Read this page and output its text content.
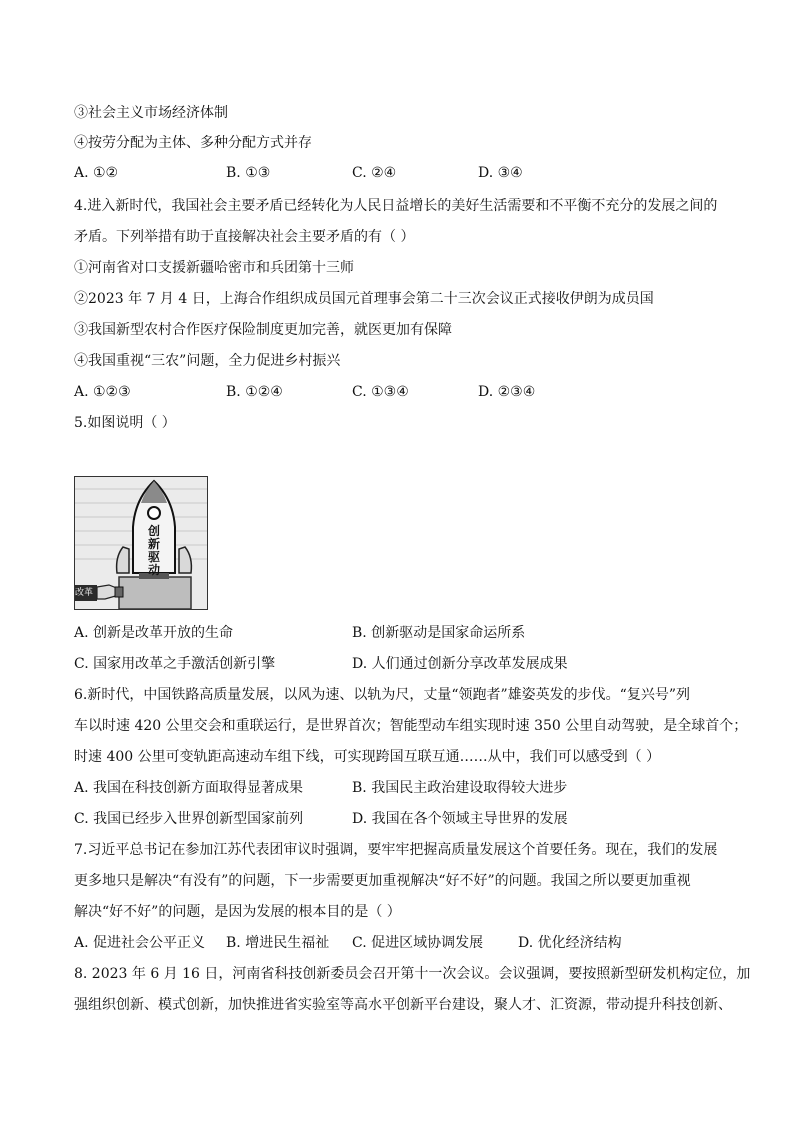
③社会主义市场经济体制
④按劳分配为主体、多种分配方式并存
A. ①②	B. ①③	C. ②④	D. ③④
4.进入新时代，我国社会主要矛盾已经转化为人民日益增长的美好生活需要和不平衡不充分的发展之间的
矛盾。下列举措有助于直接解决社会主要矛盾的有（ ）
①河南省对口支援新疆哈密市和兵团第十三师
②2023 年 7 月 4 日，上海合作组织成员国元首理事会第二十三次会议正式接收伊朗为成员国
③我国新型农村合作医疗保险制度更加完善，就医更加有保障
④我国重视“三农”问题，全力促进乡村振兴
A. ①②③	B. ①②④	C. ①③④	D. ②③④
5.如图说明（ ）
创新驱动
改革
A. 创新是改革开放的生命	B. 创新驱动是国家命运所系
C. 国家用改革之手激活创新引擎	D. 人们通过创新分享改革发展成果
6.新时代，中国铁路高质量发展，以风为速、以轨为尺，丈量“领跑者”雄姿英发的步伐。“复兴号”列
车以时速 420 公里交会和重联运行，是世界首次；智能型动车组实现时速 350 公里自动驾驶，是全球首个；
时速 400 公里可变轨距高速动车组下线，可实现跨国互联互通……从中，我们可以感受到（ ）
A. 我国在科技创新方面取得显著成果	B. 我国民主政治建设取得较大进步
C. 我国已经步入世界创新型国家前列	D. 我国在各个领域主导世界的发展
7.习近平总书记在参加江苏代表团审议时强调，要牢牢把握高质量发展这个首要任务。现在，我们的发展
更多地只是解决“有没有”的问题，下一步需要更加重视解决“好不好”的问题。我国之所以要更加重视
解决“好不好”的问题，是因为发展的根本目的是（ ）
A. 促进社会公平正义 B. 增进民生福祉 C. 促进区域协调发展 D. 优化经济结构
8. 2023 年 6 月 16 日，河南省科技创新委员会召开第十一次会议。会议强调，要按照新型研发机构定位，加
强组织创新、模式创新，加快推进省实验室等高水平创新平台建设，聚人才、汇资源，带动提升科技创新、
